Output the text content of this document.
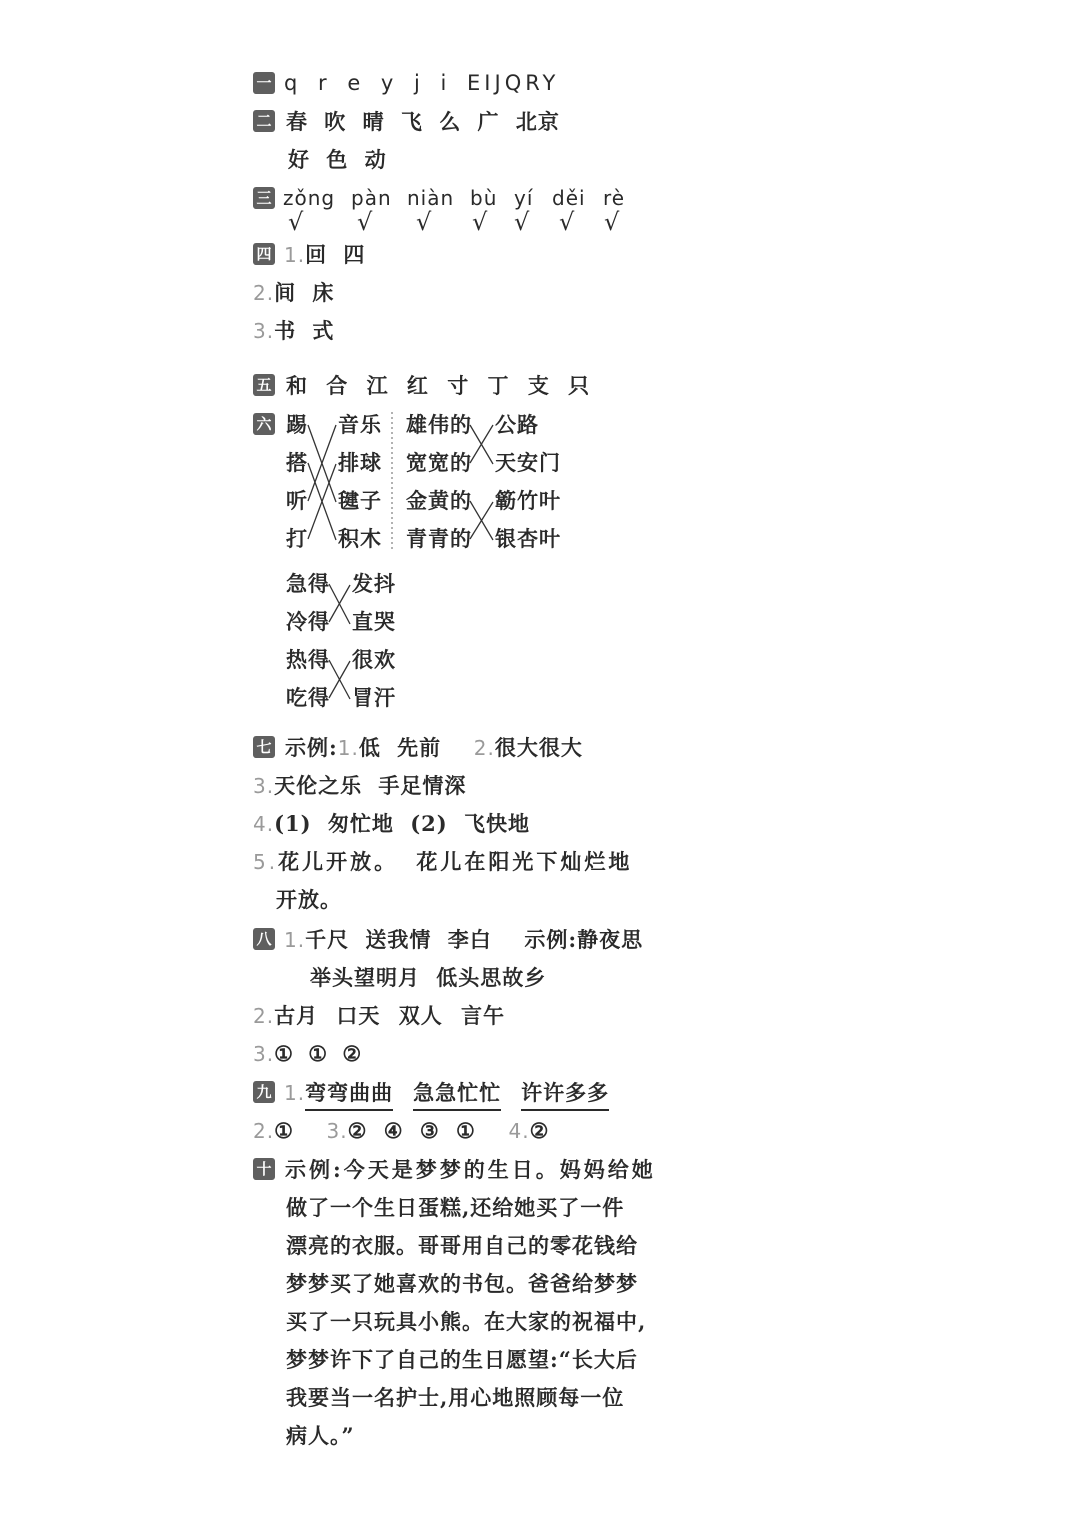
一 q r e y j i EIJQRY
二 春 吹 晴 飞 么 广 北京
好 色 动
三 zǒng pàn niàn bù yí děi rè
√ √ √ √ √ √ √
四 1.回 四
2.间 床
3.书 式
五 和 合 江 红 寸 丁 支 只
六 踢
搭
听
打
音乐
排球
毽子
积木
雄伟的
宽宽的
金黄的
青青的
公路
天安门
簕竹叶
银杏叶
急得
冷得
热得
吃得
发抖
直哭
很欢
冒汗
七 示例:1.低 先前 2.很大很大
3.天伦之乐 手足情深
4.(1) 匆忙地 (2) 飞快地
5.花儿开放。 花儿在阳光下灿烂地
开放。
八 1.千尺 送我情 李白 示例:静夜思
举头望明月 低头思故乡
2.古月 口天 双人 言午
3.① ① ②
九 1.弯弯曲曲 急急忙忙 许许多多
2.① 3.② ④ ③ ① 4.②
十 示例:今天是梦梦的生日。妈妈给她
做了一个生日蛋糕,还给她买了一件
漂亮的衣服。哥哥用自己的零花钱给
梦梦买了她喜欢的书包。爸爸给梦梦
买了一只玩具小熊。在大家的祝福中,
梦梦许下了自己的生日愿望:“长大后
我要当一名护士,用心地照顾每一位
病人。”
